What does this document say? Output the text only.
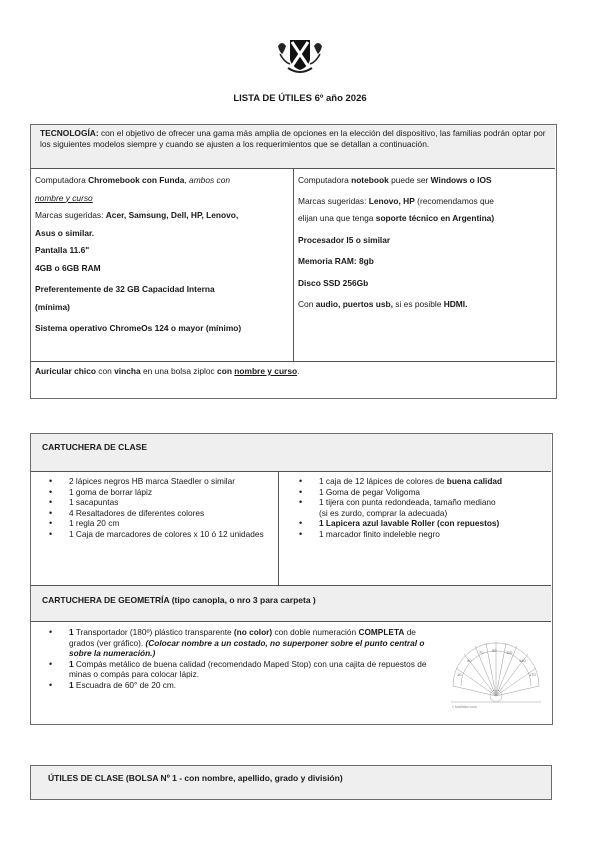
LISTA DE ÚTILES 6º año 2026
TECNOLOGÍA: con el objetivo de ofrecer una gama más amplia de opciones en la elección del dispositivo, las familias podrán optar por los siguientes modelos siempre y cuando se ajusten a los requerimientos que se detallan a continuación.

Computadora Chromebook con Funda, ambos con

nombre y curso

Marcas sugeridas: Acer, Samsung, Dell, HP, Lenovo,

Asus o similar.

Pantalla 11.6"

4GB o 6GB RAM

Preferentemente de 32 GB Capacidad Interna

(mínima)

Sistema operativo ChromeOs 124 o mayor (mínimo)

Computadora notebook puede ser Windows o IOS

Marcas sugeridas: Lenovo, HP (recomendamos que

elijan una que tenga soporte técnico en Argentina)

Procesador I5 o similar

Memoria RAM: 8gb

Disco SSD 256Gb

Con audio, puertos usb, si es posible HDMI.

Auricular chico con vincha en una bolsa ziploc con nombre y curso.
CARTUCHERA DE CLASE
• 2 lápices negros HB marca Staedler o similar
• 1 goma de borrar lápiz
• 1 sacapuntas
• 4 Resaltadores de diferentes colores
• 1 regla 20 cm
• 1 Caja de marcadores de colores x 10 ó 12 unidades
• 1 caja de 12 lápices de colores de buena calidad
• 1 Goma de pegar Voligoma
• 1 tijera con punta redondeada, tamaño mediano (si es zurdo, comprar la adecuada)
• 1 Lapicera azul lavable Roller (con repuestos)
• 1 marcador finito indeleble negro
CARTUCHERA DE GEOMETRÍA (tipo canopla, o nro 3 para carpeta )
• 1 Transportador (180º) plástico transparente (no color) con doble numeración COMPLETA de grados (ver gráfico). (Colocar nombre a un costado, no superponer sobre el punto central o sobre la numeración.)
• 1 Compás metálico de buena calidad (recomendado Maped Stop) con una cajita de repuestos de minas o compás para colocar lápiz.
• 1 Escuadra de 60° de 20 cm.
90
70	110
40	140
10	170
1 Mathsfun.com
ÚTILES DE CLASE (BOLSA Nº 1 - con nombre, apellido, grado y división)
